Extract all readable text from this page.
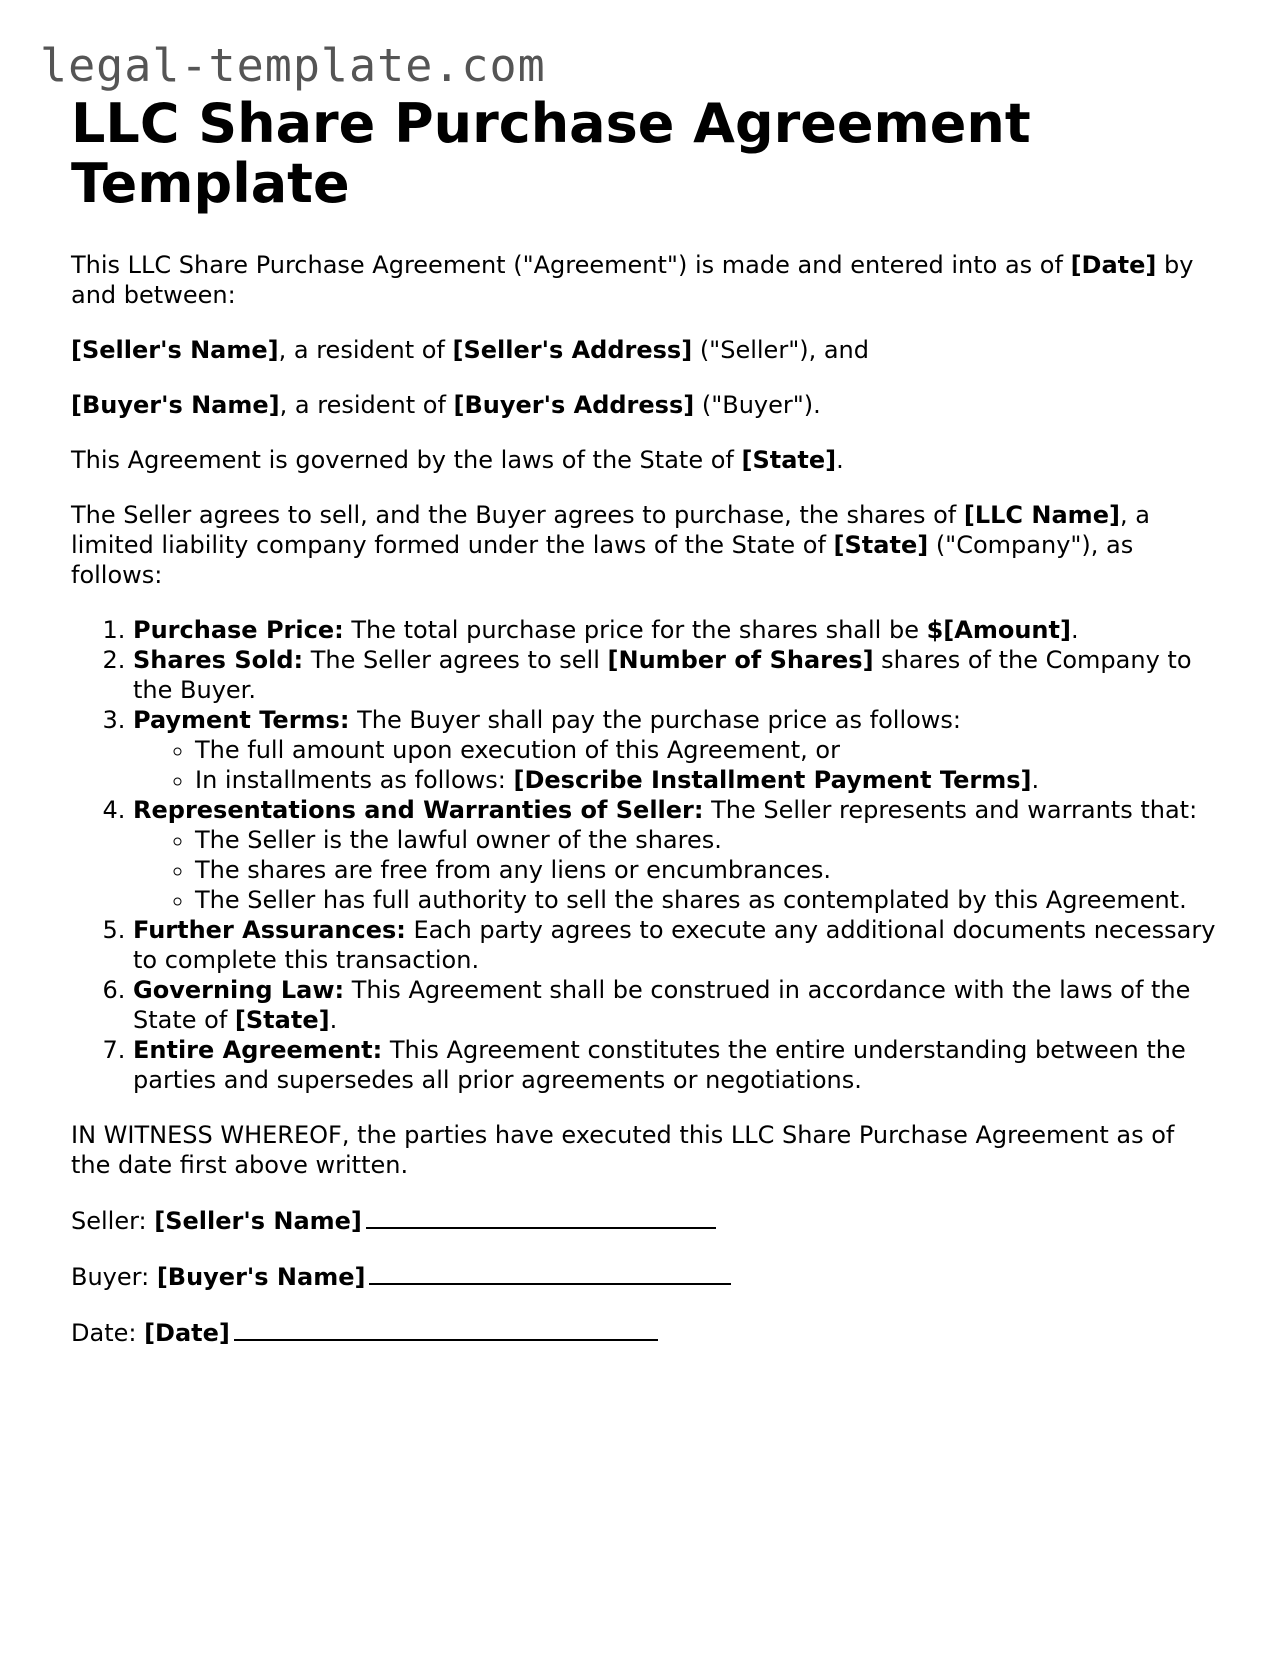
legal-template.com
LLC Share Purchase Agreement Template

This LLC Share Purchase Agreement ("Agreement") is made and entered into as of [Date] by and between:

[Seller's Name], a resident of [Seller's Address] ("Seller"), and

[Buyer's Name], a resident of [Buyer's Address] ("Buyer").

This Agreement is governed by the laws of the State of [State].

The Seller agrees to sell, and the Buyer agrees to purchase, the shares of [LLC Name], a limited liability company formed under the laws of the State of [State] ("Company"), as follows:

1. Purchase Price: The total purchase price for the shares shall be $[Amount].
2. Shares Sold: The Seller agrees to sell [Number of Shares] shares of the Company to the Buyer.
3. Payment Terms: The Buyer shall pay the purchase price as follows:
◦ The full amount upon execution of this Agreement, or
◦ In installments as follows: [Describe Installment Payment Terms].
4. Representations and Warranties of Seller: The Seller represents and warrants that:
◦ The Seller is the lawful owner of the shares.
◦ The shares are free from any liens or encumbrances.
◦ The Seller has full authority to sell the shares as contemplated by this Agreement.
5. Further Assurances: Each party agrees to execute any additional documents necessary to complete this transaction.
6. Governing Law: This Agreement shall be construed in accordance with the laws of the State of [State].
7. Entire Agreement: This Agreement constitutes the entire understanding between the parties and supersedes all prior agreements or negotiations.

IN WITNESS WHEREOF, the parties have executed this LLC Share Purchase Agreement as of the date first above written.

Seller: [Seller's Name]

Buyer: [Buyer's Name]

Date: [Date]
